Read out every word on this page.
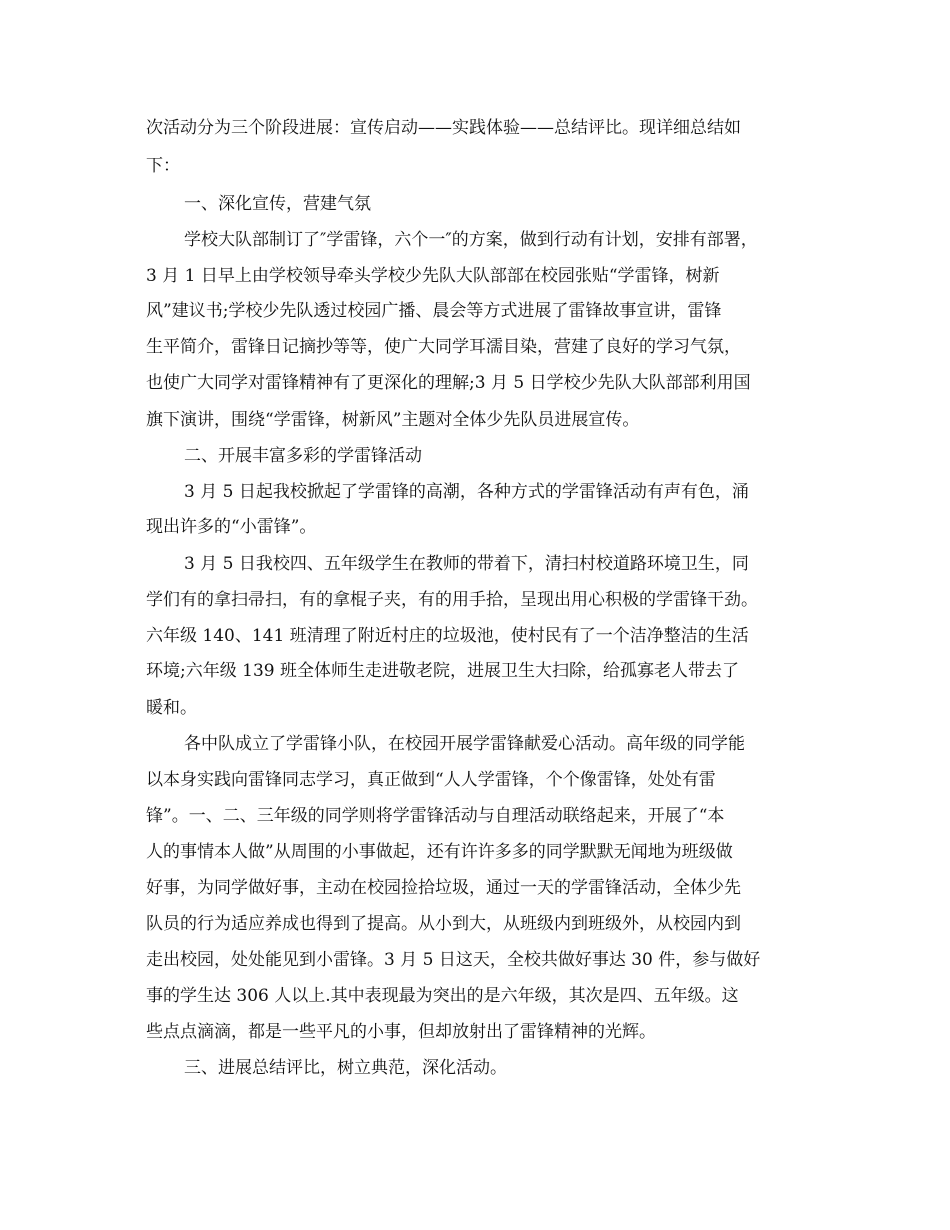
次活动分为三个阶段进展：宣传启动——实践体验——总结评比。现详细总结如
下：
一、深化宣传，营建气氛
学校大队部制订了″学雷锋，六个一″的方案，做到行动有计划，安排有部署，
3 月 1 日早上由学校领导牵头学校少先队大队部部在校园张贴“学雷锋，树新
风”建议书;学校少先队透过校园广播、晨会等方式进展了雷锋故事宣讲，雷锋
生平简介，雷锋日记摘抄等等，使广大同学耳濡目染，营建了良好的学习气氛，
也使广大同学对雷锋精神有了更深化的理解;3 月 5 日学校少先队大队部部利用国
旗下演讲，围绕“学雷锋，树新风”主题对全体少先队员进展宣传。
二、开展丰富多彩的学雷锋活动
3 月 5 日起我校掀起了学雷锋的高潮，各种方式的学雷锋活动有声有色，涌
现出许多的“小雷锋”。
3 月 5 日我校四、五年级学生在教师的带着下，清扫村校道路环境卫生，同
学们有的拿扫帚扫，有的拿棍子夹，有的用手拾，呈现出用心积极的学雷锋干劲。
六年级 140、141 班清理了附近村庄的垃圾池，使村民有了一个洁净整洁的生活
环境;六年级 139 班全体师生走进敬老院，进展卫生大扫除，给孤寡老人带去了
暖和。
各中队成立了学雷锋小队，在校园开展学雷锋献爱心活动。高年级的同学能
以本身实践向雷锋同志学习，真正做到“人人学雷锋，个个像雷锋，处处有雷
锋”。一、二、三年级的同学则将学雷锋活动与自理活动联络起来，开展了“本
人的事情本人做”从周围的小事做起，还有许许多多的同学默默无闻地为班级做
好事，为同学做好事，主动在校园捡拾垃圾，通过一天的学雷锋活动，全体少先
队员的行为适应养成也得到了提高。从小到大，从班级内到班级外，从校园内到
走出校园，处处能见到小雷锋。3 月 5 日这天，全校共做好事达 30 件，参与做好
事的学生达 306 人以上.其中表现最为突出的是六年级，其次是四、五年级。这
些点点滴滴，都是一些平凡的小事，但却放射出了雷锋精神的光辉。
三、进展总结评比，树立典范，深化活动。
